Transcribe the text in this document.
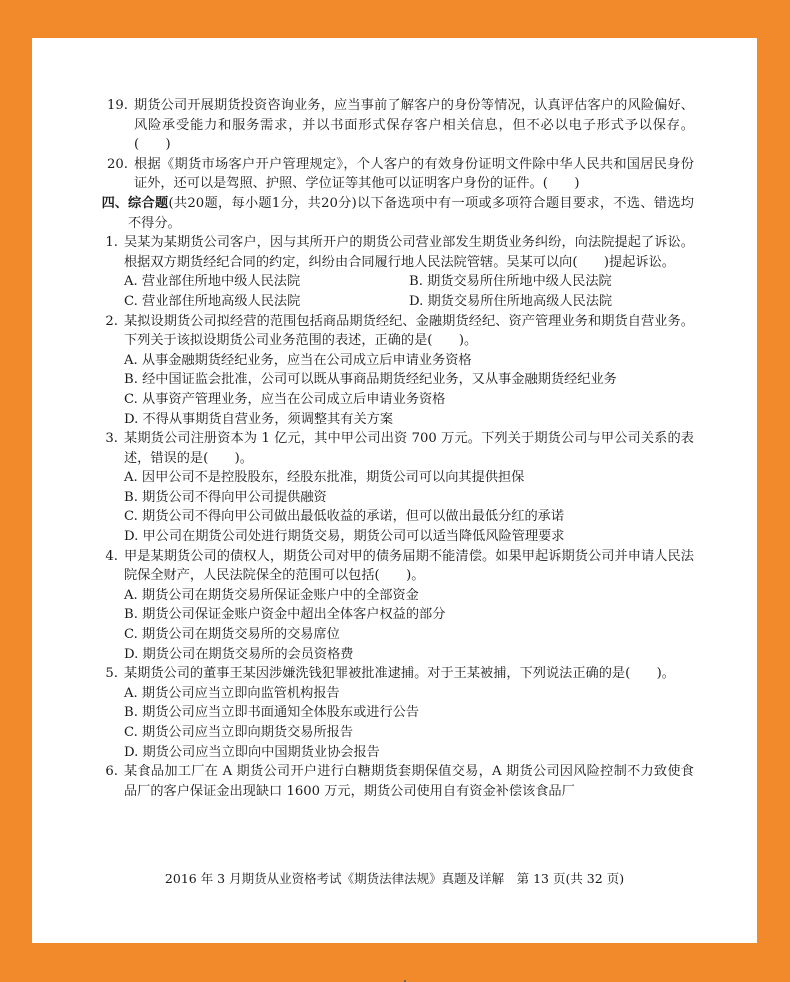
19. 期货公司开展期货投资咨询业务，应当事前了解客户的身份等情况，认真评估客户的风险偏好、风险承受能力和服务需求，并以书面形式保存客户相关信息，但不必以电子形式予以保存。(　　)
20. 根据《期货市场客户开户管理规定》，个人客户的有效身份证明文件除中华人民共和国居民身份证外，还可以是驾照、护照、学位证等其他可以证明客户身份的证件。(　　)
四、 综合题(共20题，每小题1分，共20分)以下备选项中有一项或多项符合题目要求，不选、错选均不得分。
1. 吴某为某期货公司客户，因与其所开户的期货公司营业部发生期货业务纠纷，向法院提起了诉讼。根据双方期货经纪合同的约定，纠纷由合同履行地人民法院管辖。吴某可以向(　　)提起诉讼。
A. 营业部住所地中级人民法院	B. 期货交易所住所地中级人民法院
C. 营业部住所地高级人民法院	D. 期货交易所住所地高级人民法院
2. 某拟设期货公司拟经营的范围包括商品期货经纪、金融期货经纪、资产管理业务和期货自营业务。下列关于该拟设期货公司业务范围的表述，正确的是(　　)。
A. 从事金融期货经纪业务，应当在公司成立后申请业务资格
B. 经中国证监会批准，公司可以既从事商品期货经纪业务，又从事金融期货经纪业务
C. 从事资产管理业务，应当在公司成立后申请业务资格
D. 不得从事期货自营业务，须调整其有关方案
3. 某期货公司注册资本为 1 亿元，其中甲公司出资 700 万元。下列关于期货公司与甲公司关系的表述，错误的是(　　)。
A. 因甲公司不是控股股东，经股东批准，期货公司可以向其提供担保
B. 期货公司不得向甲公司提供融资
C. 期货公司不得向甲公司做出最低收益的承诺，但可以做出最低分红的承诺
D. 甲公司在期货公司处进行期货交易，期货公司可以适当降低风险管理要求
4. 甲是某期货公司的债权人，期货公司对甲的债务届期不能清偿。如果甲起诉期货公司并申请人民法院保全财产，人民法院保全的范围可以包括(　　)。
A. 期货公司在期货交易所保证金账户中的全部资金
B. 期货公司保证金账户资金中超出全体客户权益的部分
C. 期货公司在期货交易所的交易席位
D. 期货公司在期货交易所的会员资格费
5. 某期货公司的董事王某因涉嫌洗钱犯罪被批准逮捕。对于王某被捕，下列说法正确的是(　　)。
A. 期货公司应当立即向监管机构报告
B. 期货公司应当立即书面通知全体股东或进行公告
C. 期货公司应当立即向期货交易所报告
D. 期货公司应当立即向中国期货业协会报告
6. 某食品加工厂在 A 期货公司开户进行白糖期货套期保值交易，A 期货公司因风险控制不力致使食品厂的客户保证金出现缺口 1600 万元，期货公司使用自有资金补偿该食品厂
2016 年 3 月期货从业资格考试《期货法律法规》真题及详解　第 13 页(共 32 页)
